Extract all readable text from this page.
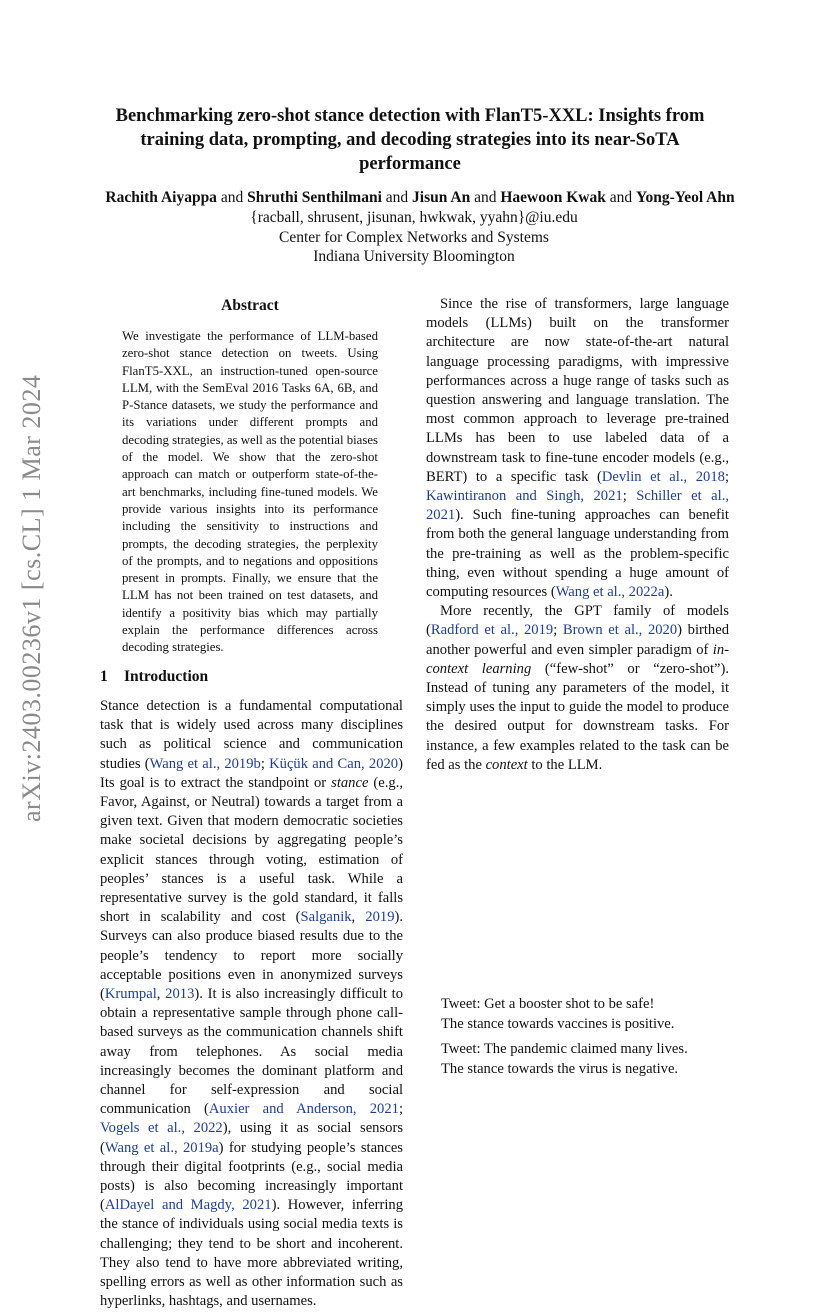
arXiv:2403.00236v1 [cs.CL] 1 Mar 2024
Benchmarking zero-shot stance detection with FlanT5-XXL: Insights from training data, prompting, and decoding strategies into its near-SoTA performance
Rachith Aiyappa and Shruthi Senthilmani and Jisun An and Haewoon Kwak and Yong-Yeol Ahn
{racball, shrusent, jisunan, hwkwak, yyahn}@iu.edu
Center for Complex Networks and Systems
Indiana University Bloomington
Abstract

We investigate the performance of LLM-based zero-shot stance detection on tweets. Using FlanT5-XXL, an instruction-tuned open-source LLM, with the SemEval 2016 Tasks 6A, 6B, and P-Stance datasets, we study the performance and its variations under different prompts and decoding strategies, as well as the potential biases of the model. We show that the zero-shot approach can match or outperform state-of-the-art benchmarks, including fine-tuned models. We provide various insights into its performance including the sensitivity to instructions and prompts, the decoding strategies, the perplexity of the prompts, and to negations and oppositions present in prompts. Finally, we ensure that the LLM has not been trained on test datasets, and identify a positivity bias which may partially explain the performance differences across decoding strategies.

1 Introduction

Stance detection is a fundamental computational task that is widely used across many disciplines such as political science and communication studies (Wang et al., 2019b; Küçük and Can, 2020) Its goal is to extract the standpoint or stance (e.g., Favor, Against, or Neutral) towards a target from a given text. Given that modern democratic societies make societal decisions by aggregating people’s explicit stances through voting, estimation of peoples’ stances is a useful task. While a representative survey is the gold standard, it falls short in scalability and cost (Salganik, 2019). Surveys can also produce biased results due to the people’s tendency to report more socially acceptable positions even in anonymized surveys (Krumpal, 2013). It is also increasingly difficult to obtain a representative sample through phone call-based surveys as the communication channels shift away from telephones. As social media increasingly becomes the dominant platform and channel for self-expression and social communication (Auxier and Anderson, 2021; Vogels et al., 2022), using it as social sensors (Wang et al., 2019a) for studying people’s stances through their digital footprints (e.g., social media posts) is also becoming increasingly important (AlDayel and Magdy, 2021). However, inferring the stance of individuals using social media texts is challenging; they tend to be short and incoherent. They also tend to have more abbreviated writing, spelling errors as well as other information such as hyperlinks, hashtags, and usernames.

Since the rise of transformers, large language models (LLMs) built on the transformer architecture are now state-of-the-art natural language processing paradigms, with impressive performances across a huge range of tasks such as question answering and language translation. The most common approach to leverage pre-trained LLMs has been to use labeled data of a downstream task to fine-tune encoder models (e.g., BERT) to a specific task (Devlin et al., 2018; Kawintiranon and Singh, 2021; Schiller et al., 2021). Such fine-tuning approaches can benefit from both the general language understanding from the pre-training as well as the problem-specific thing, even without spending a huge amount of computing resources (Wang et al., 2022a).

More recently, the GPT family of models (Radford et al., 2019; Brown et al., 2020) birthed another powerful and even simpler paradigm of in-context learning (“few-shot” or “zero-shot”). Instead of tuning any parameters of the model, it simply uses the input to guide the model to produce the desired output for downstream tasks. For instance, a few examples related to the task can be fed as the context to the LLM.

Tweet: Get a booster shot to be safe!
The stance towards vaccines is positive.
Tweet: The pandemic claimed many lives.
The stance towards the virus is negative.
